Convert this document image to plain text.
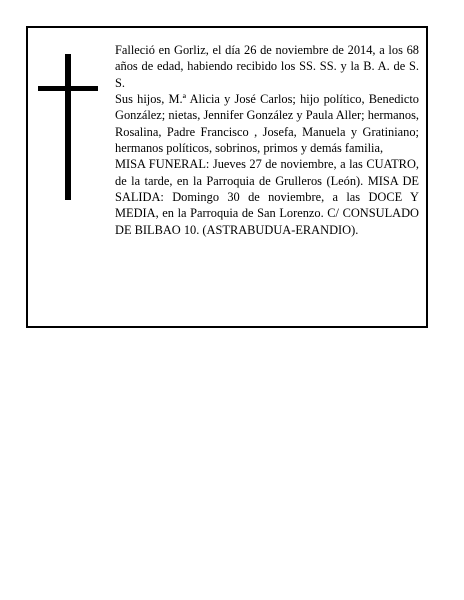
Falleció en Gorliz, el día 26 de noviembre de 2014, a los 68 años de edad, habiendo recibido los SS. SS. y la B. A. de S. S.

Sus hijos, M.ª Alicia y José Carlos; hijo político, Benedicto González; nietas, Jennifer González y Paula Aller; hermanos, Rosalina, Padre Francisco , Josefa, Manuela y Gratiniano; hermanos políticos, sobrinos, primos y demás familia,

MISA FUNERAL: Jueves 27 de noviembre, a las CUATRO, de la tarde, en la Parroquia de Grulleros (León). MISA DE SALIDA: Domingo 30 de noviembre, a las DOCE Y MEDIA, en la Parroquia de San Lorenzo. C/ CONSULADO DE BILBAO 10. (ASTRABUDUA-ERANDIO).
